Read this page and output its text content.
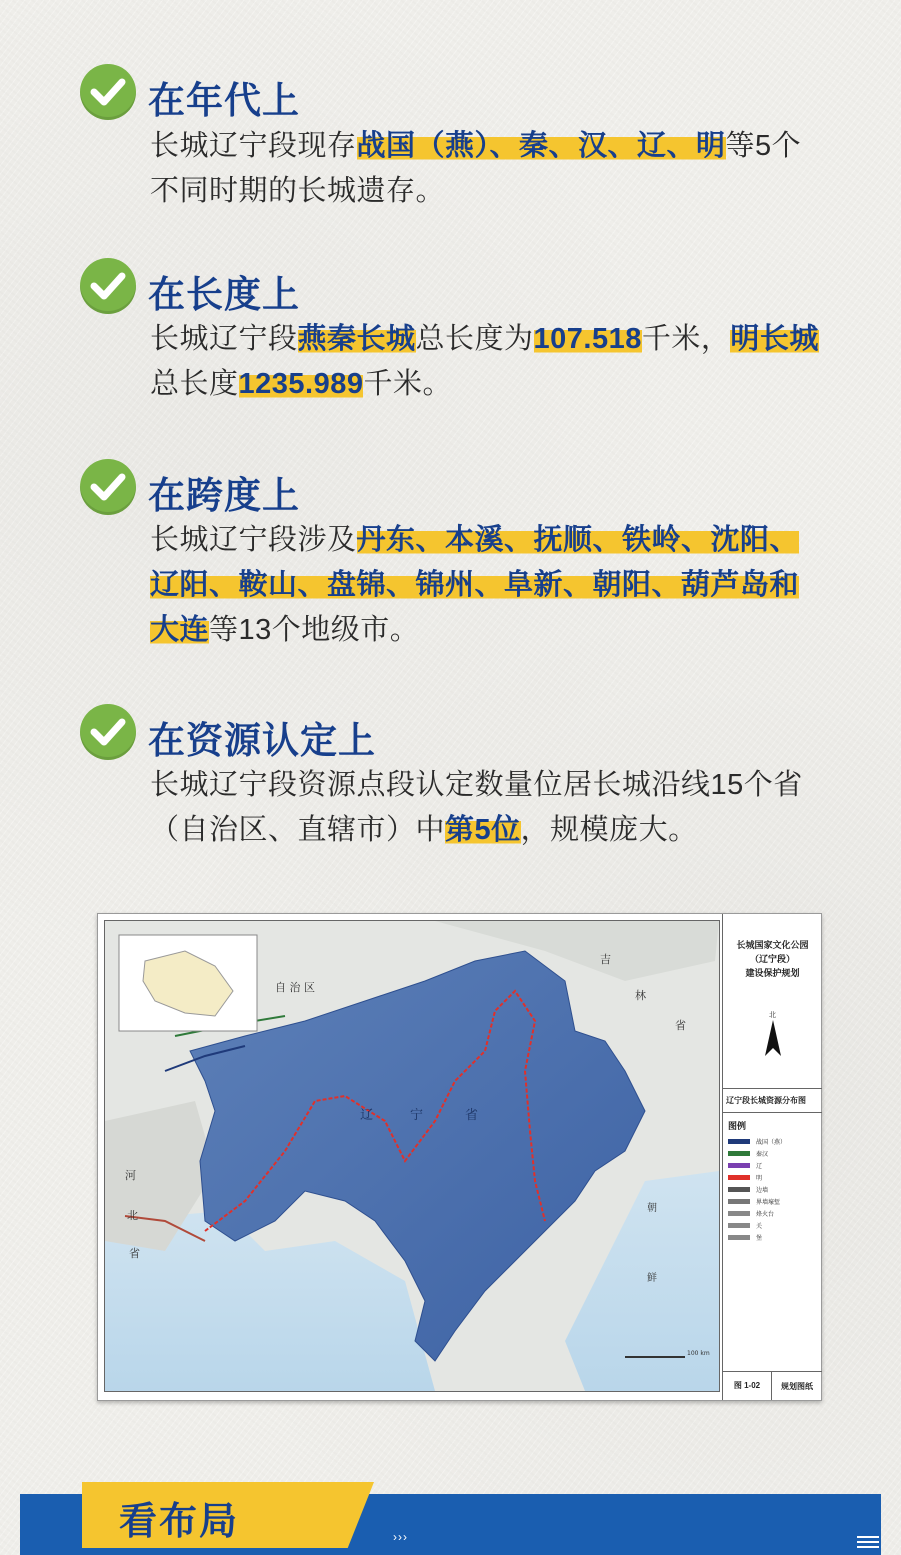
在年代上
长城辽宁段现存战国（燕）、秦、汉、辽、明等5个不同时期的长城遗存。
在长度上
长城辽宁段燕秦长城总长度为107.518千米，明长城总长度1235.989千米。
在跨度上
长城辽宁段涉及丹东、本溪、抚顺、铁岭、沈阳、辽阳、鞍山、盘锦、锦州、阜新、朝阳、葫芦岛和大连等13个地级市。
在资源认定上
长城辽宁段资源点段认定数量位居长城沿线15个省（自治区、直辖市）中第5位，规模庞大。
自 治 区
吉
林
省
辽	宁	省
河
北
省
朝
鲜
100 km
长城国家文化公园
（辽宁段）
建设保护规划
北
辽宁段长城资源分布图
图例
战国（燕）
秦汉
辽
明
边墙
界墙壕堑
烽火台
关
堡
图 1-02	规划图纸
看布局	›››
